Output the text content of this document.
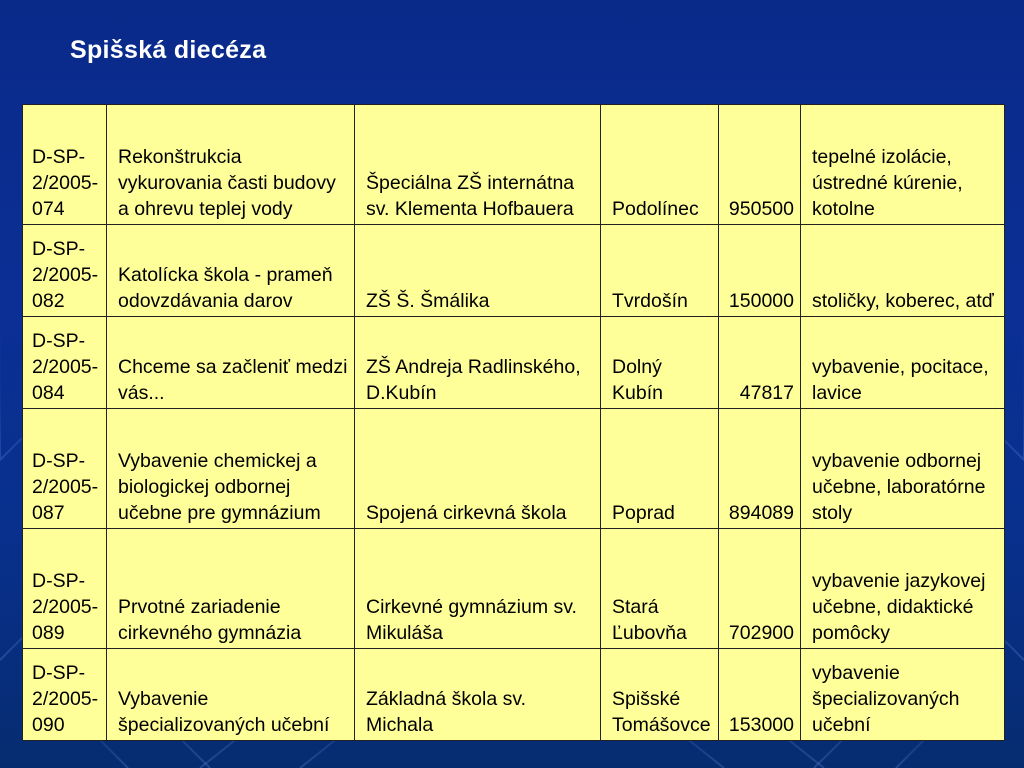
Spišská diecéza
D-SP-2/2005-074	Rekonštrukcia vykurovania časti budovy a ohrevu teplej vody	Špeciálna ZŠ internátna sv. Klementa Hofbauera	Podolínec	950500	tepelné izolácie, ústredné kúrenie, kotolne
D-SP-2/2005-082	Katolícka škola - prameň odovzdávania darov	ZŠ Š. Šmálika	Tvrdošín	150000	stoličky, koberec, atď
D-SP-2/2005-084	Chceme sa začleniť medzi vás...	ZŠ Andreja Radlinského, D.Kubín	Dolný Kubín	47817	vybavenie, pocitace, lavice
D-SP-2/2005-087	Vybavenie chemickej a biologickej odbornej učebne pre gymnázium	Spojená cirkevná škola	Poprad	894089	vybavenie odbornej učebne, laboratórne stoly
D-SP-2/2005-089	Prvotné zariadenie cirkevného gymnázia	Cirkevné gymnázium sv. Mikuláša	Stará Ľubovňa	702900	vybavenie jazykovej učebne, didaktické pomôcky
D-SP-2/2005-090	Vybavenie špecializovaných učební	Základná škola sv. Michala	Spišské Tomášovce	153000	vybavenie špecializovaných učební
